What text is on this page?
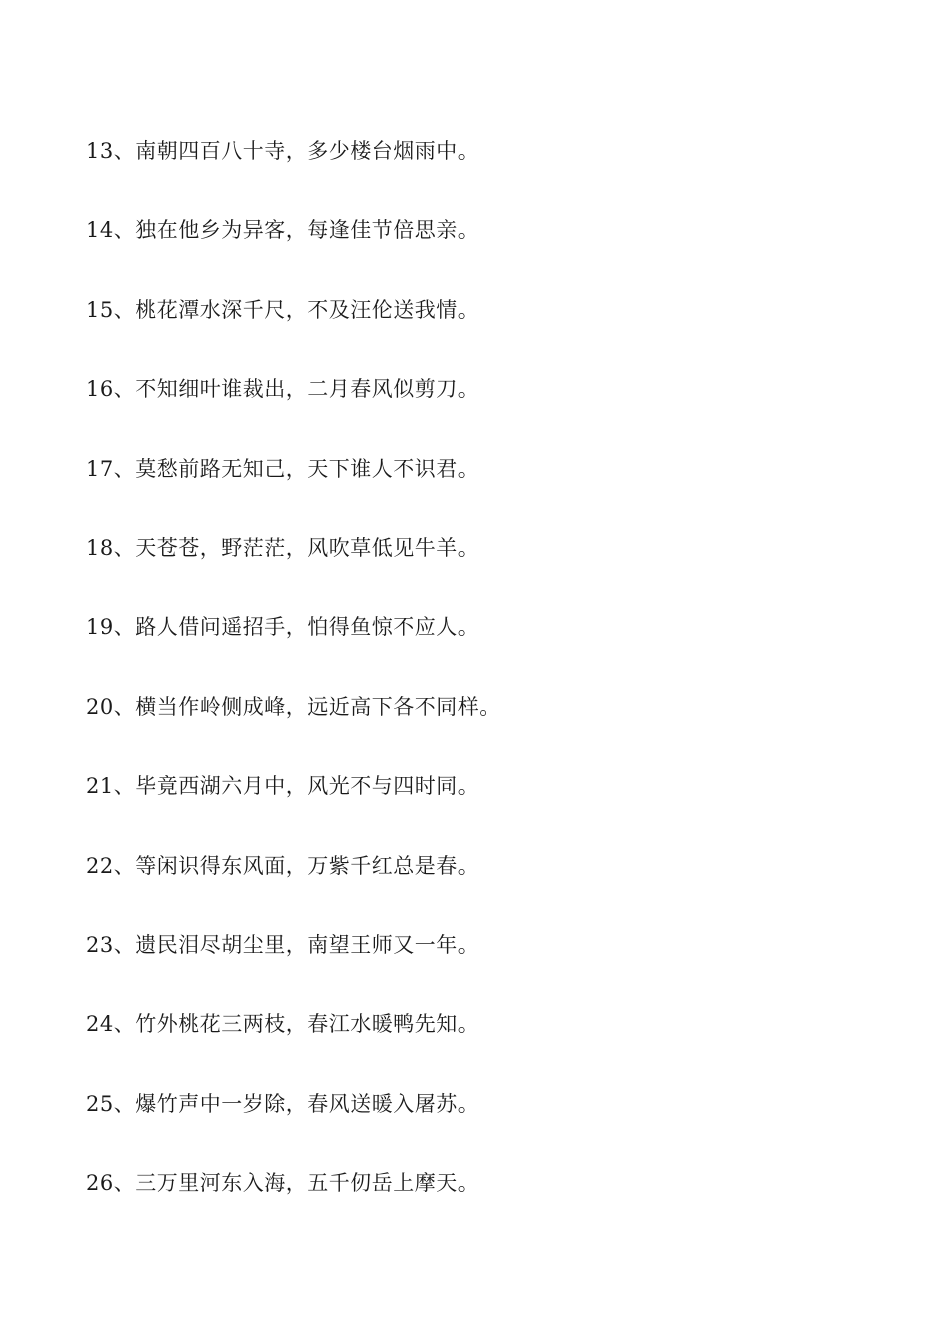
13、南朝四百八十寺，多少楼台烟雨中。
14、独在他乡为异客，每逢佳节倍思亲。
15、桃花潭水深千尺，不及汪伦送我情。
16、不知细叶谁裁出，二月春风似剪刀。
17、莫愁前路无知己，天下谁人不识君。
18、天苍苍，野茫茫，风吹草低见牛羊。
19、路人借问遥招手，怕得鱼惊不应人。
20、横当作岭侧成峰，远近高下各不同样。
21、毕竟西湖六月中，风光不与四时同。
22、等闲识得东风面，万紫千红总是春。
23、遗民泪尽胡尘里，南望王师又一年。
24、竹外桃花三两枝，春江水暖鸭先知。
25、爆竹声中一岁除，春风送暖入屠苏。
26、三万里河东入海，五千仞岳上摩天。
